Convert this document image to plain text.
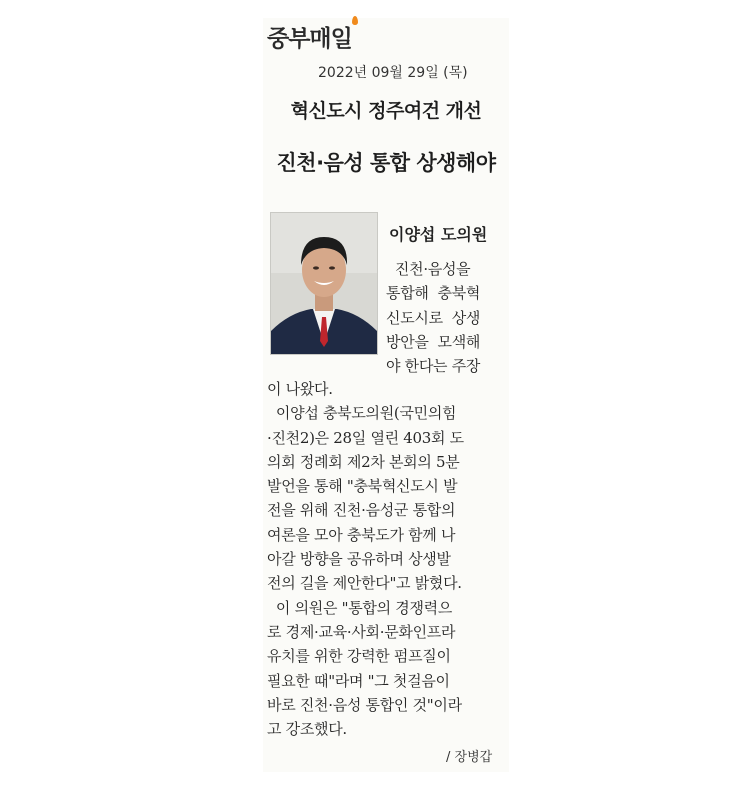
중부매일
2022년 09월 29일 (목)
혁신도시 정주여건 개선
진천·음성 통합 상생해야
이양섭 도의원

진천·음성을

통합해  충북혁

신도시로  상생

방안을  모색해

야 한다는 주장

이 나왔다.

이양섭 충북도의원(국민의힘

·진천2)은 28일 열린 403회 도

의회 정례회 제2차 본회의 5분

발언을 통해 "충북혁신도시 발

전을 위해 진천·음성군 통합의

여론을 모아 충북도가 함께 나

아갈 방향을 공유하며 상생발

전의 길을 제안한다"고 밝혔다.

이 의원은 "통합의 경쟁력으

로 경제·교육·사회·문화인프라

유치를 위한 강력한 펌프질이

필요한 때"라며 "그 첫걸음이

바로 진천·음성 통합인 것"이라

고 강조했다.

/ 장병갑
